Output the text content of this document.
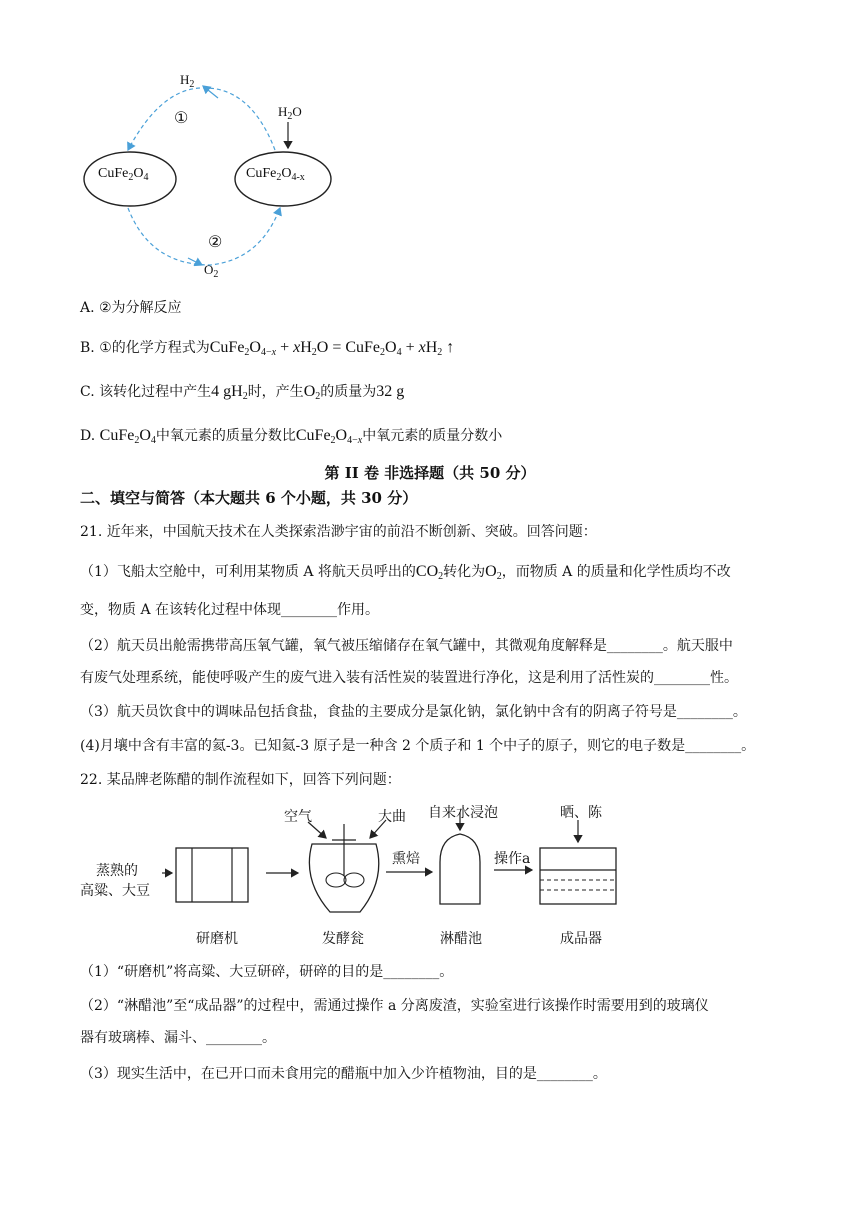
$CuFe_2O_4$	$CuFe_2O_{4-x}$
$H_2$
$H_2O$
$O_2$
①
②
A. ②为分解反应
B. ①的化学方程式为$CuFe_2O_{4-x} + xH_2O$ = $CuFe_2O_4 + xH_2$ ↑
C. 该转化过程中产生4 $gH_2$时，产生$O_2$的质量为32 g
D. $CuFe_2O_4$中氧元素的质量分数比$CuFe_2O_{4-x}$中氧元素的质量分数小
第 II 卷 非选择题（共 50 分）
二、填空与简答（本大题共 6 个小题，共 30 分）
21. 近年来，中国航天技术在人类探索浩渺宇宙的前沿不断创新、突破。回答问题：
（1）飞船太空舱中，可利用某物质 A 将航天员呼出的$CO_2$转化为$O_2$，而物质 A 的质量和化学性质均不改
变，物质 A 在该转化过程中体现________作用。
（2）航天员出舱需携带高压氧气罐，氧气被压缩储存在氧气罐中，其微观角度解释是________。航天服中
有废气处理系统，能使呼吸产生的废气进入装有活性炭的装置进行净化，这是利用了活性炭的________性。
（3）航天员饮食中的调味品包括食盐，食盐的主要成分是氯化钠，氯化钠中含有的阴离子符号是________。
(4)月壤中含有丰富的氦-3。已知氦-3 原子是一种含 2 个质子和 1 个中子的原子，则它的电子数是________。
22. 某品牌老陈醋的制作流程如下，回答下列问题：
蒸熟的
高粱、大豆
空气	大曲 自来水浸泡	晒、陈
熏焙	操作a
研磨机	发酵瓮	淋醋池	成品器
（1）“研磨机”将高粱、大豆研碎，研碎的目的是________。
（2）“淋醋池”至“成品器”的过程中，需通过操作 a 分离废渣，实验室进行该操作时需要用到的玻璃仪
器有玻璃棒、漏斗、________。
（3）现实生活中，在已开口而未食用完的醋瓶中加入少许植物油，目的是________。
